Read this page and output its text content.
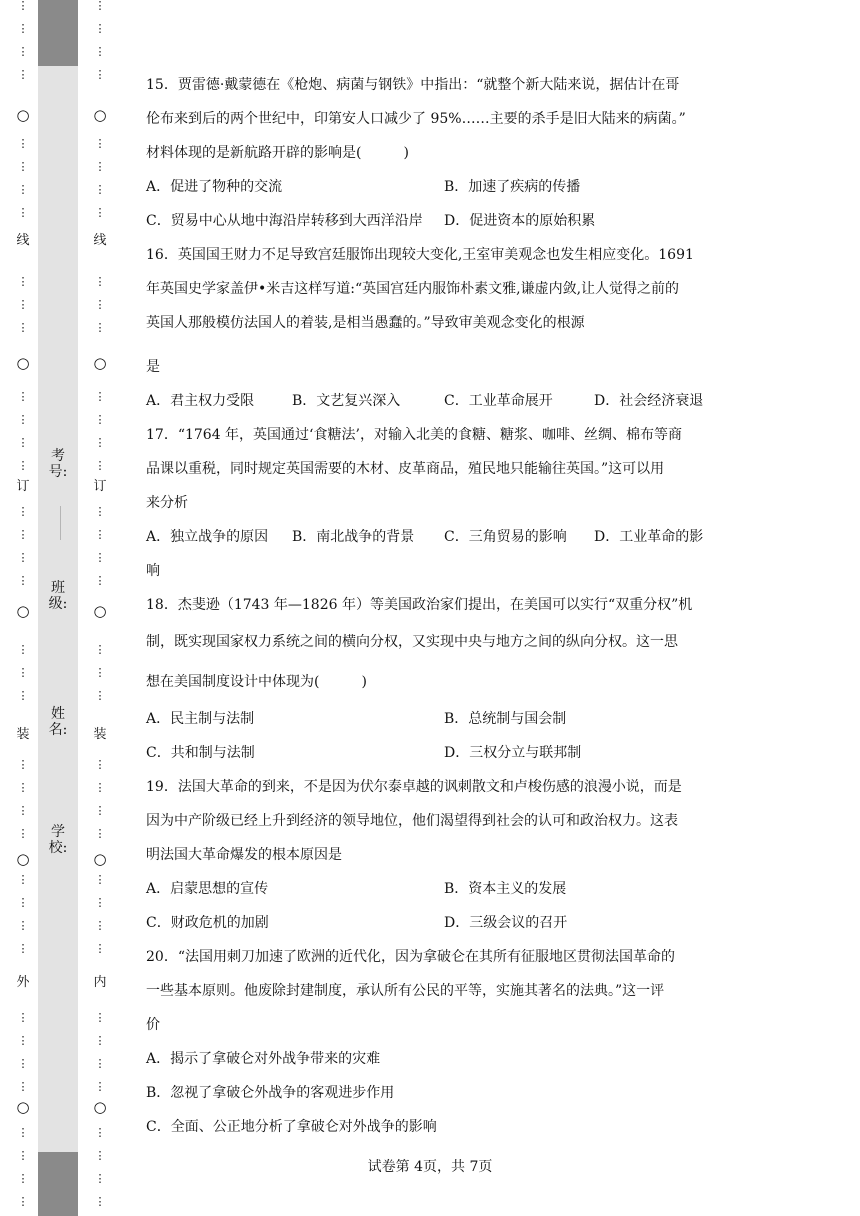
⋮
⋮
⋮
⋮
⋮
⋮
⋮
⋮
⋮
⋮
⋮
⋮
⋮
⋮
⋮
⋮
⋮
⋮
⋮
⋮
⋮
⋮
⋮
⋮
⋮
⋮
⋮
⋮
⋮
⋮
⋮
⋮
⋮
⋮
⋮
⋮
⋮
⋮
○
○
○
○
○
线
订
装
外
⋮
⋮
⋮
⋮
⋮
⋮
⋮
⋮
⋮
⋮
⋮
⋮
⋮
⋮
⋮
⋮
⋮
⋮
⋮
⋮
⋮
⋮
⋮
⋮
⋮
⋮
⋮
⋮
⋮
⋮
⋮
⋮
⋮
⋮
⋮
⋮
⋮
⋮
○
○
○
○
○
线
订
装
内
考号:
班级:
姓名:
学校:
15．贾雷德·戴蒙德在《枪炮、病菌与钢铁》中指出：“就整个新大陆来说，据估计在哥
伦布来到后的两个世纪中，印第安人口减少了 95%……主要的杀手是旧大陆来的病菌。”
材料体现的是新航路开辟的影响是(　　　)
A．促进了物种的交流	B．加速了疾病的传播
C．贸易中心从地中海沿岸转移到大西洋沿岸 D．促进资本的原始积累
16．英国国王财力不足导致宫廷服饰出现较大变化,王室审美观念也发生相应变化。1691
年英国史学家盖伊•米吉这样写道:“英国宫廷内服饰朴素文雅,谦虚内敛,让人觉得之前的
英国人那般模仿法国人的着装,是相当愚蠢的。”导致审美观念变化的根源
是
A．君主权力受限	B．文艺复兴深入	C．工业革命展开	D．社会经济衰退
17．“1764 年，英国通过‘食糖法’，对输入北美的食糖、糖浆、咖啡、丝绸、棉布等商
品课以重税，同时规定英国需要的木材、皮革商品，殖民地只能输往英国。”这可以用
来分析
A．独立战争的原因 B．南北战争的背景 C．三角贸易的影响 D．工业革命的影
响
18．杰斐逊（1743 年—1826 年）等美国政治家们提出，在美国可以实行“双重分权”机
制，既实现国家权力系统之间的横向分权，又实现中央与地方之间的纵向分权。这一思
想在美国制度设计中体现为(　　　)
A．民主制与法制	B．总统制与国会制
C．共和制与法制	D．三权分立与联邦制
19．法国大革命的到来，不是因为伏尔泰卓越的讽刺散文和卢梭伤感的浪漫小说，而是
因为中产阶级已经上升到经济的领导地位，他们渴望得到社会的认可和政治权力。这表
明法国大革命爆发的根本原因是
A．启蒙思想的宣传	B．资本主义的发展
C．财政危机的加剧	D．三级会议的召开
20．“法国用刺刀加速了欧洲的近代化，因为拿破仑在其所有征服地区贯彻法国革命的
一些基本原则。他废除封建制度，承认所有公民的平等，实施其著名的法典。”这一评
价
A．揭示了拿破仑对外战争带来的灾难
B．忽视了拿破仑外战争的客观进步作用
C．全面、公正地分析了拿破仑对外战争的影响
试卷第 4页，共 7页
